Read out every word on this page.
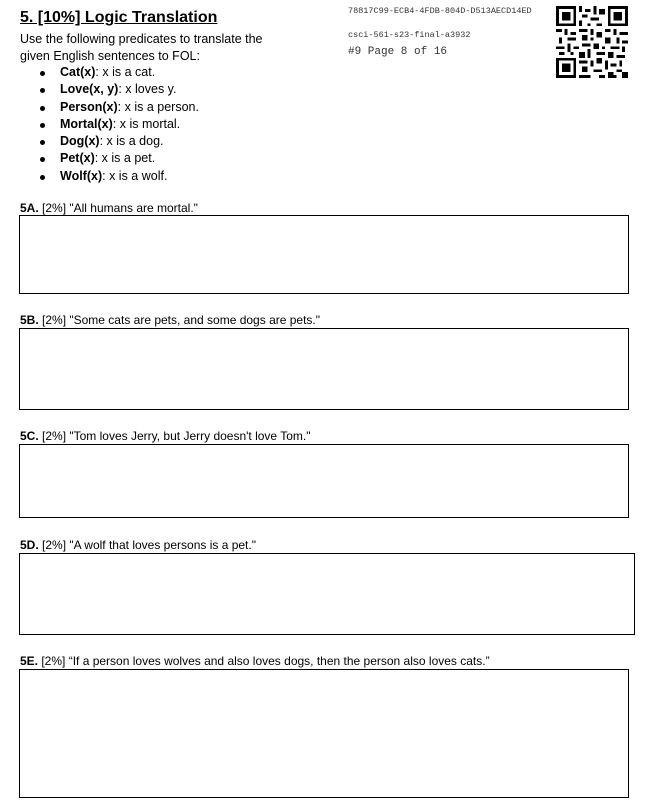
5. [10%] Logic Translation
Use the following predicates to translate the given English sentences to FOL:
Cat(x): x is a cat.
Love(x, y): x loves y.
Person(x): x is a person.
Mortal(x): x is mortal.
Dog(x): x is a dog.
Pet(x): x is a pet.
Wolf(x): x is a wolf.
78817C99-ECB4-4FDB-804D-D513AECD14ED
csci-561-s23-final-a3932
#9 Page 8 of 16
5A. [2%] "All humans are mortal."
5B. [2%] "Some cats are pets, and some dogs are pets."
5C. [2%] "Tom loves Jerry, but Jerry doesn't love Tom."
5D. [2%] "A wolf that loves persons is a pet."
5E. [2%] “If a person loves wolves and also loves dogs, then the person also loves cats.”
